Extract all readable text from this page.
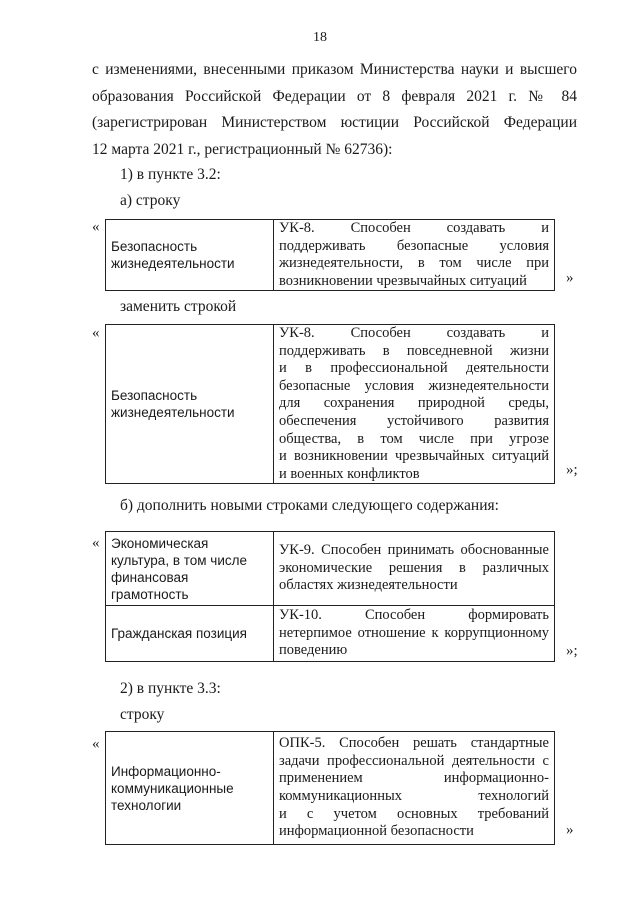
18
с изменениями, внесенными приказом Министерства науки и высшего
образования Российской Федерации от 8 февраля 2021 г. № 84
(зарегистрирован Министерством юстиции Российской Федерации
12 марта 2021 г., регистрационный № 62736):
1) в пункте 3.2:
а) строку
«
Безопасность жизнедеятельности	
УК-8. Способен создавать и
поддерживать безопасные условия
жизнедеятельности, в том числе при
возникновении чрезвычайных ситуаций	»
заменить строкой
«
Безопасность жизнедеятельности	
УК-8. Способен создавать и
поддерживать в повседневной жизни
и в профессиональной деятельности
безопасные условия жизнедеятельности
для сохранения природной среды,
обеспечения устойчивого развития
общества, в том числе при угрозе
и возникновении чрезвычайных ситуаций
и военных конфликтов	»;
б) дополнить новыми строками следующего содержания:
« Экономическая культура, в том числе финансовая грамотность	УК-9. Способен принимать обоснованные
экономические решения в различных
областях жизнедеятельности

Гражданская позиция	УК-10. Способен формировать
нетерпимое отношение к коррупционному
поведению	»;
2) в пункте 3.3:
строку
«
Информационно-коммуникационные технологии	
ОПК-5. Способен решать стандартные
задачи профессиональной деятельности с
применением информационно-
коммуникационных технологий
и с учетом основных требований
информационной безопасности	»
